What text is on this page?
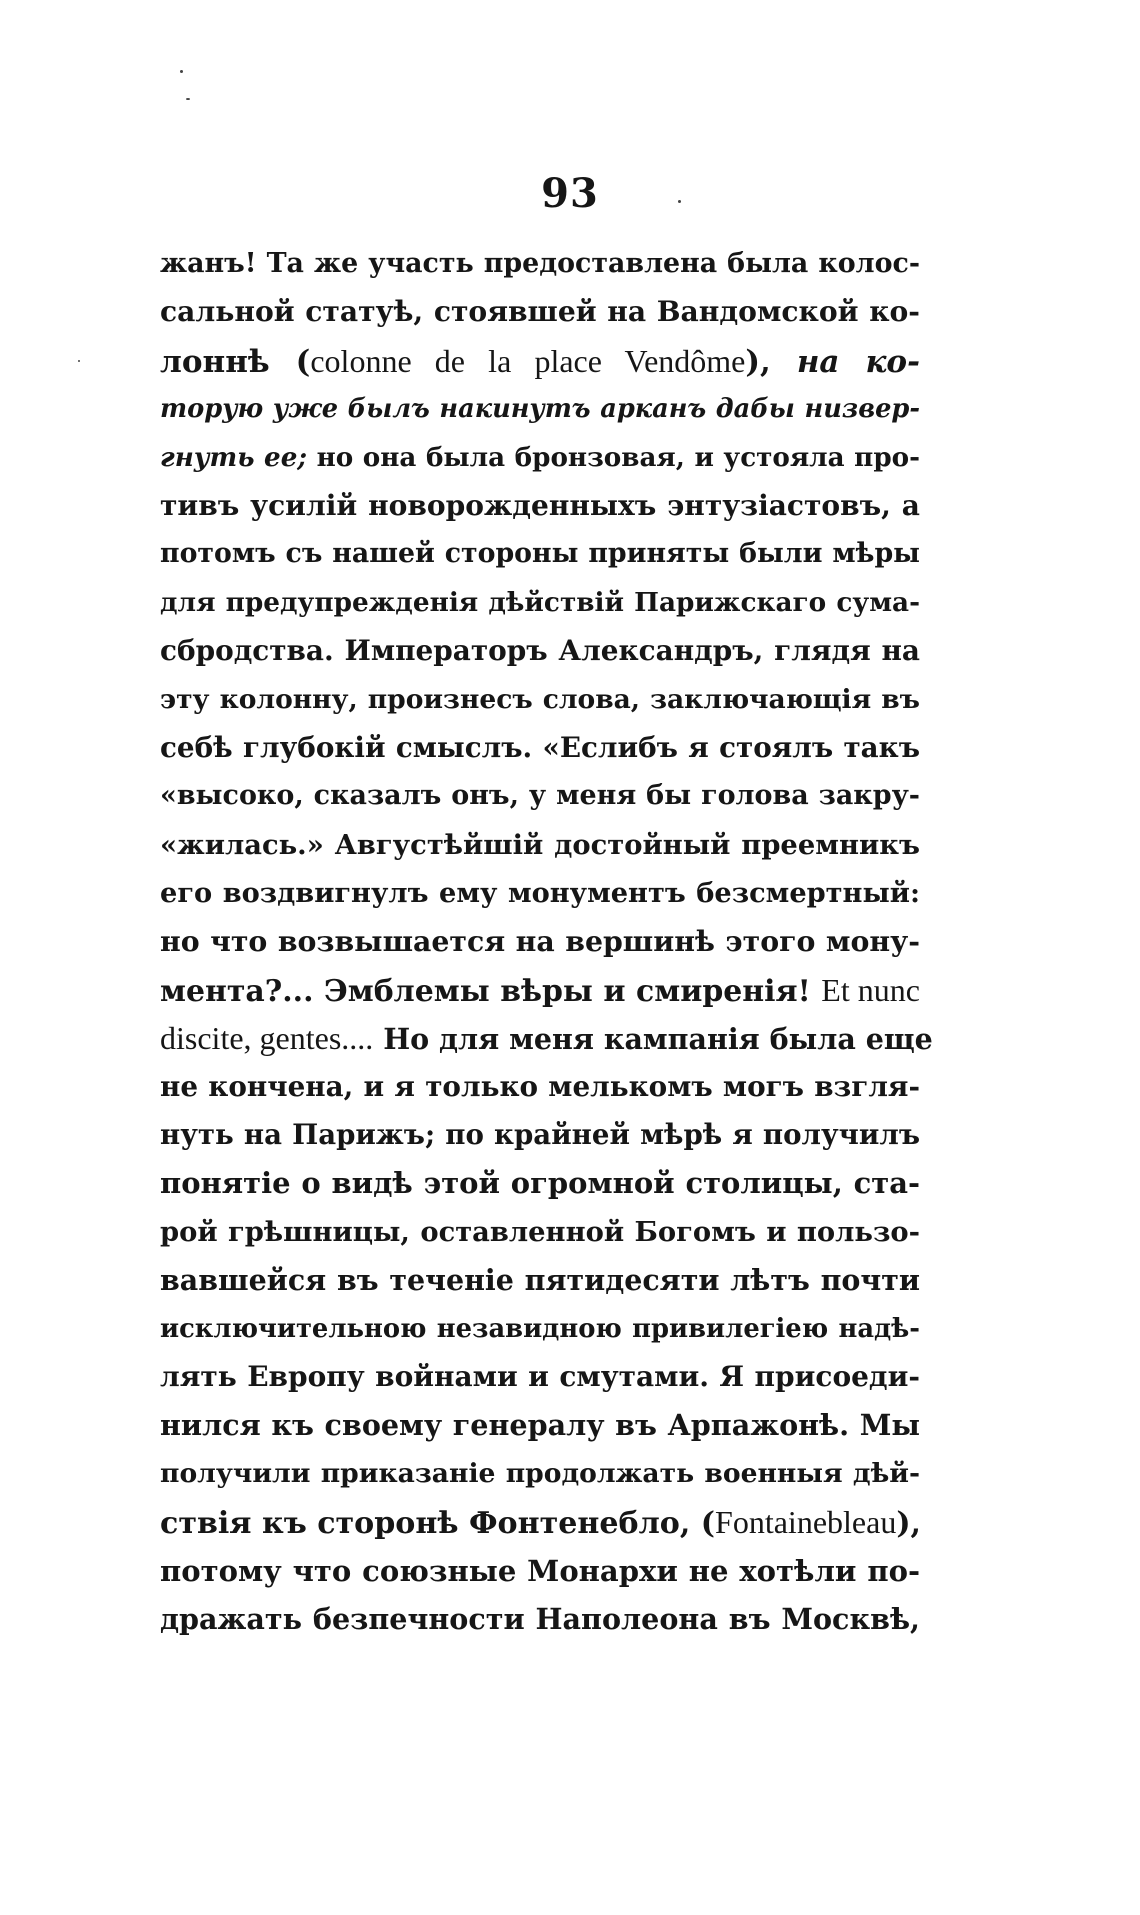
93
жанъ! Та же участь предоставлена была колос-
сальной статуѣ, стоявшей на Вандомской ко-
лоннѣ (colonne de la place Vendôme), на ко-
торую уже былъ накинутъ арканъ дабы низвер-
гнуть ее; но она была бронзовая, и устояла про-
тивъ усилій новорожденныхъ энтузіастовъ, а
потомъ съ нашей стороны приняты были мѣры
для предупрежденія дѣйствій Парижскаго сума-
сбродства. Императоръ Александръ, глядя на
эту колонну, произнесъ слова, заключающія въ
себѣ глубокій смыслъ. «Еслибъ я стоялъ такъ
«высоко, сказалъ онъ, у меня бы голова закру-
«жилась.» Августѣйшій достойный преемникъ
его воздвигнулъ ему монументъ безсмертный:
но что возвышается на вершинѣ этого мону-
мента?... Эмблемы вѣры и смиренія! Et nunc
discite, gentes.... Но для меня кампанія была еще
не кончена, и я только мелькомъ могъ взгля-
нуть на Парижъ; по крайней мѣрѣ я получилъ
понятіе о видѣ этой огромной столицы, ста-
рой грѣшницы, оставленной Богомъ и пользо-
вавшейся въ теченіе пятидесяти лѣтъ почти
исключительною незавидною привилегіею надѣ-
лять Европу войнами и смутами. Я присоеди-
нился къ своему генералу въ Арпажонѣ. Мы
получили приказаніе продолжать военныя дѣй-
ствія къ сторонѣ Фонтенебло, (Fontainebleau),
потому что союзные Монархи не хотѣли по-
дражать безпечности Наполеона въ Москвѣ,
